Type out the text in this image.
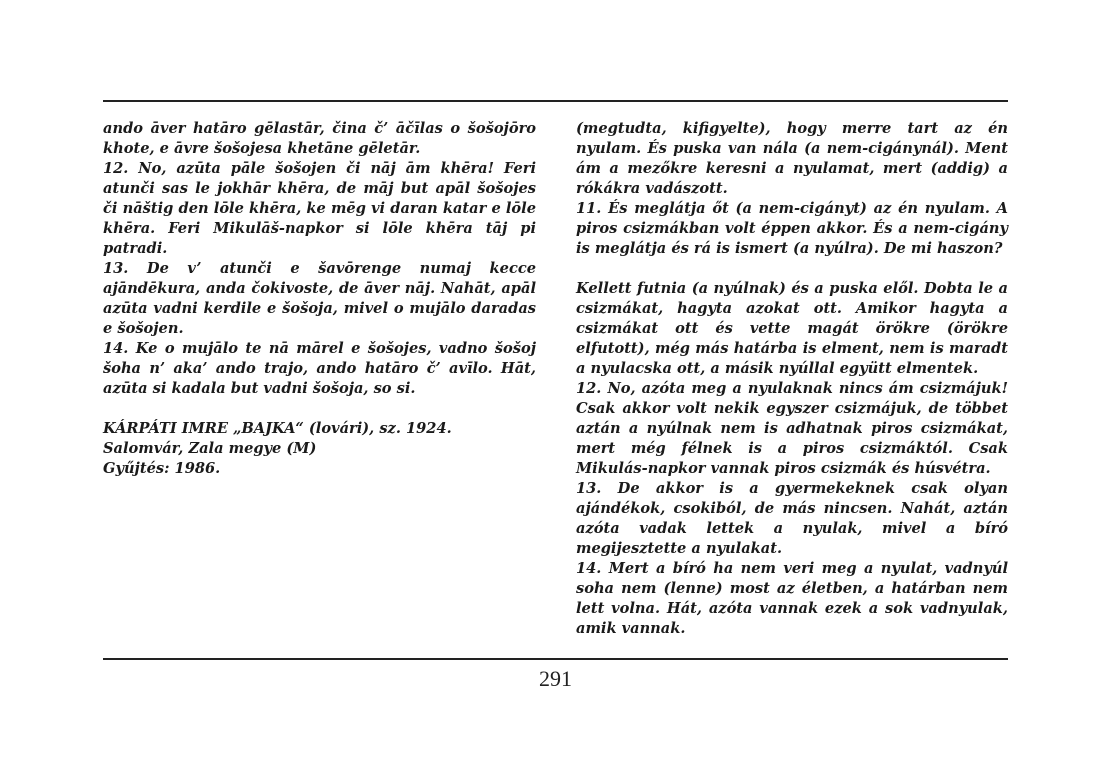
ando āver hatāro gēlastār, čina č’ āčīlas o šošojōro khote, e āvre šošojesa khetāne gēletār.

12. No, azūta pāle šošojen či nāj ām khēra! Feri atunči sas le jokhār khēra, de māj but apāl šošojes či nāštig den lōle khēra, ke mēg vi daran katar e lōle khēra. Feri Mikulāš-napkor si lōle khēra tāj pi patradi.

13. De v’ atunči e šavōrenge numaj kecce ajāndēkura, anda čokivoste, de āver nāj. Nahāt, apāl azūta vadni kerdile e šošoja, mivel o mujālo daradas e šošojen.

14. Ke o mujālo te nā mārel e šošojes, vadno šošoj šoha n’ aka’ ando trajo, ando hatāro č’ avīlo. Hāt, azūta si kadala but vadni šošoja, so si.

KÁRPÁTI IMRE „BAJKA“ (lovári), sz. 1924.

Salomvár, Zala megye (M)

Gyűjtés: 1986.

(megtudta, kifigyelte), hogy merre tart az én nyulam. És puska van nála (a nem-cigánynál). Ment ám a mezőkre keresni a nyulamat, mert (addig) a rókákra vadászott.

11. És meglátja őt (a nem-cigányt) az én nyulam. A piros csizmákban volt éppen akkor. És a nem-cigány is meglátja és rá is ismert (a nyúlra). De mi haszon?

Kellett futnia (a nyúlnak) és a puska elől. Dobta le a csizmákat, hagyta azokat ott. Amikor hagyta a csizmákat ott és vette magát örökre (örökre elfutott), még más határba is elment, nem is maradt a nyulacska ott, a másik nyúllal együtt elmentek.

12. No, azóta meg a nyulaknak nincs ám csizmájuk! Csak akkor volt nekik egyszer csizmájuk, de többet aztán a nyúlnak nem is adhatnak piros csizmákat, mert még félnek is a piros csizmáktól. Csak Mikulás-napkor vannak piros csizmák és húsvétra.

13. De akkor is a gyermekeknek csak olyan ajándékok, csokiból, de más nincsen. Nahát, aztán azóta vadak lettek a nyulak, mivel a bíró megijesztette a nyulakat.

14. Mert a bíró ha nem veri meg a nyulat, vadnyúl soha nem (lenne) most az életben, a határban nem lett volna. Hát, azóta vannak ezek a sok vadnyulak, amik vannak.

291
